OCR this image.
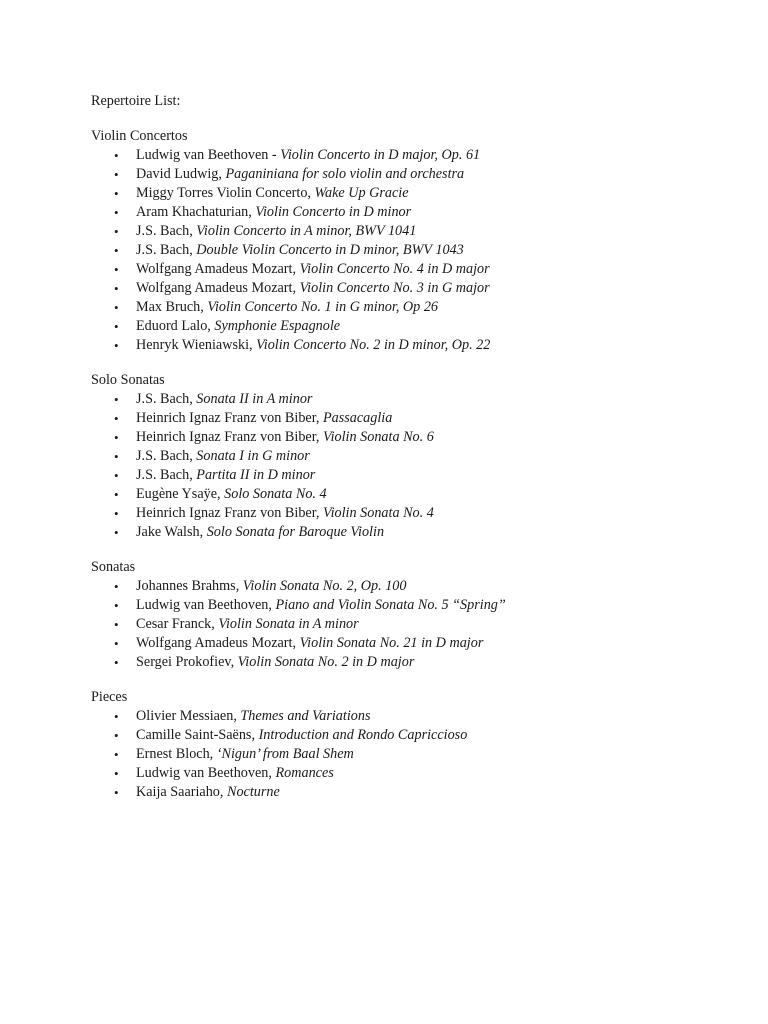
Repertoire List:
Violin Concertos
• Ludwig van Beethoven - Violin Concerto in D major, Op. 61
• David Ludwig, Paganiniana for solo violin and orchestra
• Miggy Torres Violin Concerto, Wake Up Gracie
• Aram Khachaturian, Violin Concerto in D minor
• J.S. Bach, Violin Concerto in A minor, BWV 1041
• J.S. Bach, Double Violin Concerto in D minor, BWV 1043
• Wolfgang Amadeus Mozart, Violin Concerto No. 4 in D major
• Wolfgang Amadeus Mozart, Violin Concerto No. 3 in G major
• Max Bruch, Violin Concerto No. 1 in G minor, Op 26
• Eduord Lalo, Symphonie Espagnole
• Henryk Wieniawski, Violin Concerto No. 2 in D minor, Op. 22
Solo Sonatas
• J.S. Bach, Sonata II in A minor
• Heinrich Ignaz Franz von Biber, Passacaglia
• Heinrich Ignaz Franz von Biber, Violin Sonata No. 6
• J.S. Bach, Sonata I in G minor
• J.S. Bach, Partita II in D minor
• Eugène Ysaÿe, Solo Sonata No. 4
• Heinrich Ignaz Franz von Biber, Violin Sonata No. 4
• Jake Walsh, Solo Sonata for Baroque Violin
Sonatas
• Johannes Brahms, Violin Sonata No. 2, Op. 100
• Ludwig van Beethoven, Piano and Violin Sonata No. 5 “Spring”
• Cesar Franck, Violin Sonata in A minor
• Wolfgang Amadeus Mozart, Violin Sonata No. 21 in D major
• Sergei Prokofiev, Violin Sonata No. 2 in D major
Pieces
• Olivier Messiaen, Themes and Variations
• Camille Saint-Saëns, Introduction and Rondo Capriccioso
• Ernest Bloch, ‘Nigun’ from Baal Shem
• Ludwig van Beethoven, Romances
• Kaija Saariaho, Nocturne
